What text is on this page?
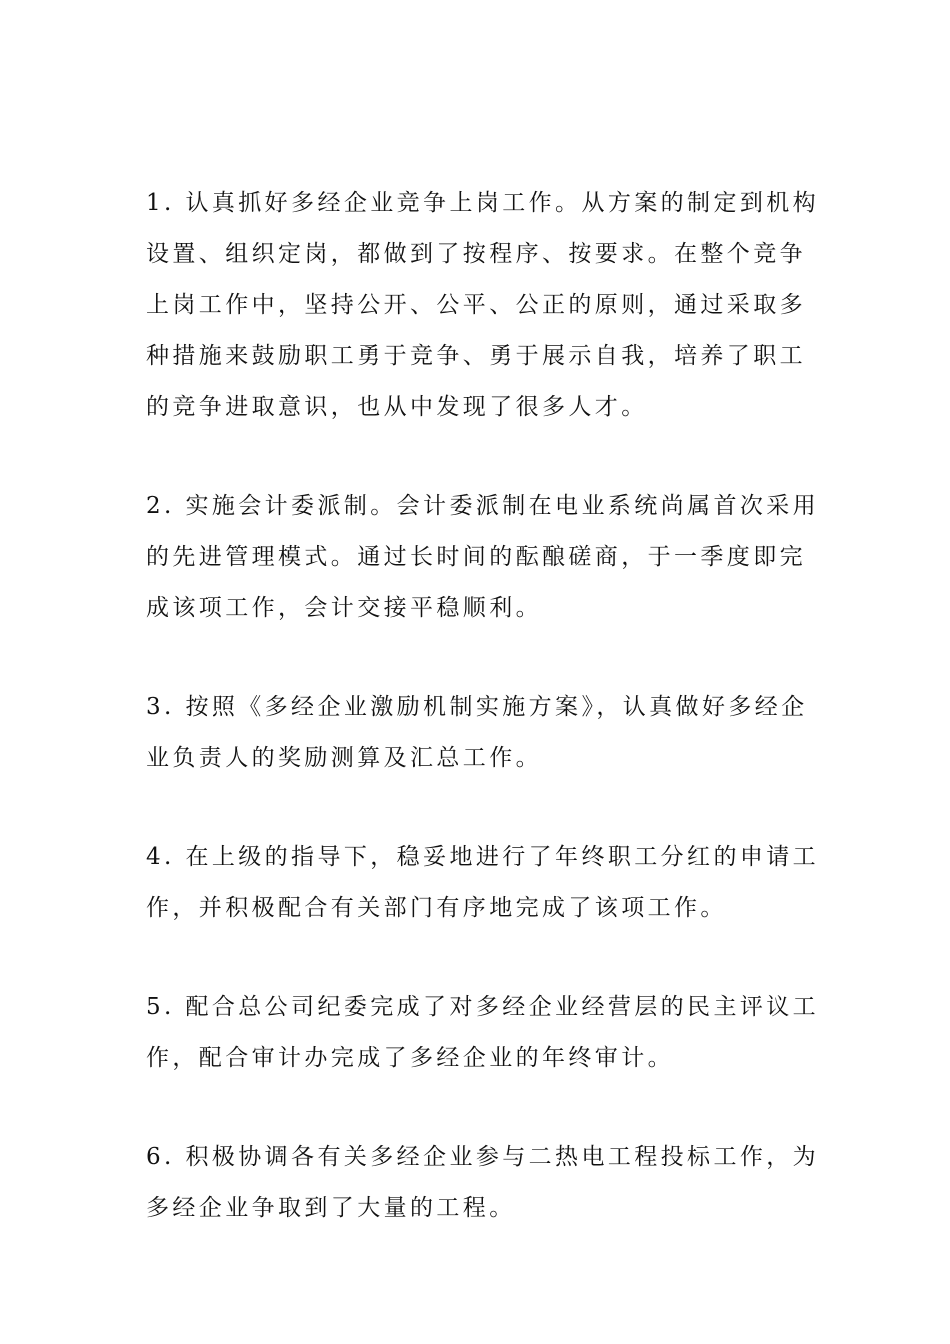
1. 认真抓好多经企业竞争上岗工作。从方案的制定到机构
设置、组织定岗，都做到了按程序、按要求。在整个竞争
上岗工作中，坚持公开、公平、公正的原则，通过采取多
种措施来鼓励职工勇于竞争、勇于展示自我，培养了职工
的竞争进取意识，也从中发现了很多人才。
2. 实施会计委派制。会计委派制在电业系统尚属首次采用
的先进管理模式。通过长时间的酝酿磋商，于一季度即完
成该项工作，会计交接平稳顺利。
3. 按照《多经企业激励机制实施方案》，认真做好多经企
业负责人的奖励测算及汇总工作。
4. 在上级的指导下，稳妥地进行了年终职工分红的申请工
作，并积极配合有关部门有序地完成了该项工作。
5. 配合总公司纪委完成了对多经企业经营层的民主评议工
作，配合审计办完成了多经企业的年终审计。
6. 积极协调各有关多经企业参与二热电工程投标工作，为
多经企业争取到了大量的工程。
